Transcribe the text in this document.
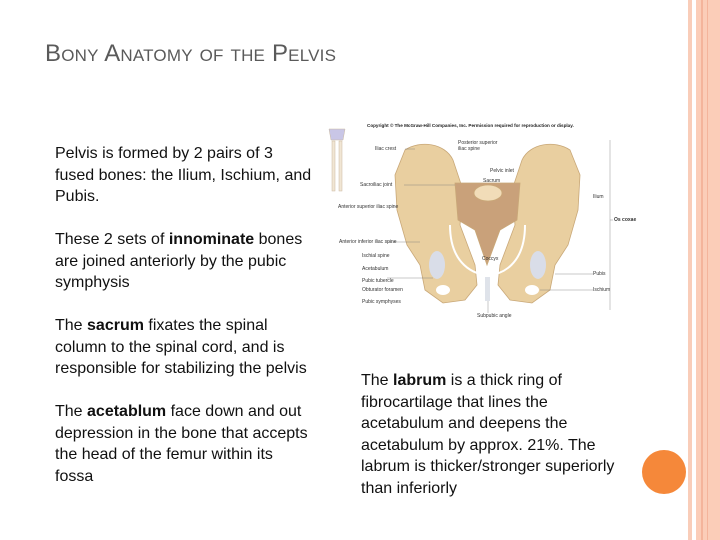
Bony Anatomy of the Pelvis

Pelvis is formed by 2 pairs of 3 fused bones: the Ilium, Ischium, and Pubis.

These 2 sets of innominate bones are joined anteriorly by the pubic symphysis

The sacrum fixates the spinal column to the spinal cord, and is responsible for stabilizing the pelvis

The acetablum face down and out depression in the bone that accepts the head of the femur within its fossa

Copyright © The McGraw-Hill Companies, Inc. Permission required for reproduction or display.
Iliac crest
Posterior superior
iliac spine
Pelvic inlet
Sacrum
Sacroiliac joint
Ilium
Anterior superior iliac spine
Os coxae
Anterior inferior iliac spine
Ischial spine	Coccyx
Acetabulum
Pubis
Pubic tubercle
Obturator foramen	Ischium
Pubic symphyses
Subpubic angle

The labrum is a thick ring of fibrocartilage that lines the acetabulum and deepens the acetabulum by approx. 21%. The labrum is thicker/stronger superiorly than inferiorly
